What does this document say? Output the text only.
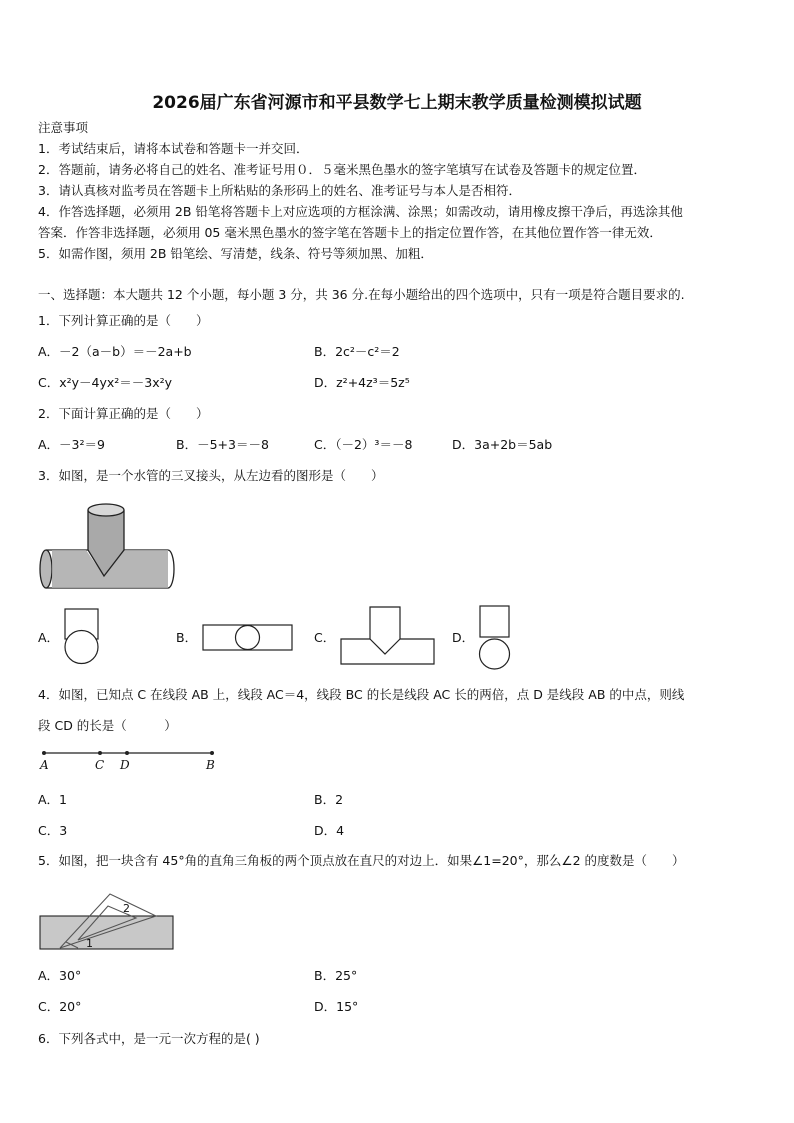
2026届广东省河源市和平县数学七上期末教学质量检测模拟试题
注意事项
1．考试结束后，请将本试卷和答题卡一并交回．
2．答题前，请务必将自己的姓名、准考证号用０．５毫米黑色墨水的签字笔填写在试卷及答题卡的规定位置．
3．请认真核对监考员在答题卡上所粘贴的条形码上的姓名、准考证号与本人是否相符．
4．作答选择题，必须用 2B 铅笔将答题卡上对应选项的方框涂满、涂黑；如需改动，请用橡皮擦干净后，再选涂其他
答案．作答非选择题，必须用 05 毫米黑色墨水的签字笔在答题卡上的指定位置作答，在其他位置作答一律无效．
5．如需作图，须用 2B 铅笔绘、写清楚，线条、符号等须加黑、加粗．
一、选择题：本大题共 12 个小题，每小题 3 分，共 36 分.在每小题给出的四个选项中，只有一项是符合题目要求的.
1．下列计算正确的是（　　）
A．－2（a－b）＝－2a+b	B．2c²－c²＝2
C．x²y－4yx²＝－3x²y	D．z²+4z³＝5z⁵
2．下面计算正确的是（　　）
A．－3²＝9	B．－5+3＝－8	C．（－2）³＝－8	D．3a+2b＝5ab
3．如图，是一个水管的三叉接头，从左边看的图形是（　　）
A．	B．	C．	D．
4．如图，已知点 C 在线段 AB 上，线段 AC＝4，线段 BC 的长是线段 AC 长的两倍，点 D 是线段 AB 的中点，则线
段 CD 的长是（　　　）
A	C D	B
A．1	B．2
C．3	D．4
5．如图，把一块含有 45°角的直角三角板的两个顶点放在直尺的对边上．如果∠1=20°，那么∠2 的度数是（　　）
2
1
A．30°	B．25°
C．20°	D．15°
6．下列各式中，是一元一次方程的是( )
